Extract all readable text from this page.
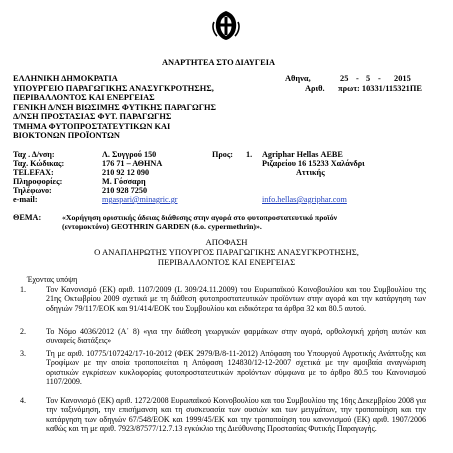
ΑΝΑΡΤΗΤΕΑ ΣΤΟ ΔΙΑΥΓΕΙΑ
ΕΛΛΗΝΙΚΗ ΔΗΜΟΚΡΑΤΙΑ
ΥΠΟΥΡΓΕΙΟ ΠΑΡΑΓΩΓΙΚΗΣ ΑΝΑΣΥΓΚΡΟΤΗΣΗΣ,
ΠΕΡΙΒΑΛΛΟΝΤΟΣ ΚΑΙ ΕΝΕΡΓΕΙΑΣ
ΓΕΝΙΚΗ Δ/ΝΣΗ ΒΙΩΣΙΜΗΣ ΦΥΤΙΚΗΣ ΠΑΡΑΓΩΓΗΣ
Δ/ΝΣΗ ΠΡΟΣΤΑΣΙΑΣ ΦΥΤ. ΠΑΡΑΓΩΓΗΣ
ΤΜΗΜΑ ΦΥΤΟΠΡΟΣΤΑΤΕΥΤΙΚΩΝ ΚΑΙ
ΒΙΟΚΤΟΝΩΝ ΠΡΟΪΟΝΤΩΝ
Αθηνα,	25 - 5 - 2015
Αριθ. πρωτ: 10331/115321ΠΕ
Ταχ . Δ/νση:	Λ. Συγγρού 150
Ταχ. Κώδικας:	176 71 – ΑΘΗΝΑ
TELEFAX:	210 92 12 090
Πληροφορίες:	Μ. Γόσσαρη
Τηλέφωνο:	210 928 7250
e-mail:	mgaspari@minagric.gr
Προς: 1. Agriphar Hellas ΑΕΒΕ
Ριζαρείου 16 15233 Χαλάνδρι
Αττικής
info.hellas@agriphar.com
ΘΕΜΑ:	«Χορήγηση οριστικής άδειας διάθεσης στην αγορά στο φυτοπροστατευτικό προϊόν
(εντομοκτόνο) GEOTHRIN GARDEN (δ.ο. cypermethrin)».
ΑΠΟΦΑΣΗ
Ο ΑΝΑΠΛΗΡΩΤΗΣ ΥΠΟΥΡΓΟΣ ΠΑΡΑΓΩΓΙΚΗΣ ΑΝΑΣΥΓΚΡΟΤΗΣΗΣ,
ΠΕΡΙΒΑΛΛΟΝΤΟΣ ΚΑΙ ΕΝΕΡΓΕΙΑΣ
Έχοντας υπόψη
1.	Τον Κανονισμό (ΕΚ) αριθ. 1107/2009 (L 309/24.11.2009) του Ευρωπαϊκού Κοινοβουλίου και του Συμβουλίου της 21ης Οκτωβρίου 2009 σχετικά με τη διάθεση φυτοπροστατευτικών προϊόντων στην αγορά και την κατάργηση των οδηγιών 79/117/ΕΟΚ και 91/414/ΕΟΚ του Συμβουλίου και ειδικότερα τα άρθρα 32 και 80.5 αυτού.
2.	Το Νόμο 4036/2012 (Α΄ 8) «για την διάθεση γεωργικών φαρμάκων στην αγορά, ορθολογική χρήση αυτών και συναφείς διατάξεις»
3.	Τη με αριθ. 10775/107242/17-10-2012 (ΦΕΚ 2979/Β/8-11-2012) Απόφαση του Υπουργού Αγροτικής Ανάπτυξης και Τροφίμων με την οποία τροποποιείται η Απόφαση 124830/12-12-2007 σχετικά με την αμοιβαία αναγνώριση οριστικών εγκρίσεων κυκλοφορίας φυτοπροστατευτικών προϊόντων σύμφωνα με το άρθρο 80.5 του Κανονισμού 1107/2009.
4.	Τον Κανονισμό (ΕΚ) αριθ. 1272/2008 Ευρωπαϊκού Κοινοβουλίου και του Συμβουλίου της 16ης Δεκεμβρίου 2008 για την ταξινόμηση, την επισήμανση και τη συσκευασία των ουσιών και των μειγμάτων, την τροποποίηση και την κατάργηση των οδηγιών 67/548/ΕΟΚ και 1999/45/ΕΚ και την τροποποίηση του κανονισμού (ΕΚ) αριθ. 1907/2006 καθώς και τη με αριθ. 7923/87577/12.7.13 εγκύκλιο της Διεύθυνσης Προστασίας Φυτικής Παραγωγής.
